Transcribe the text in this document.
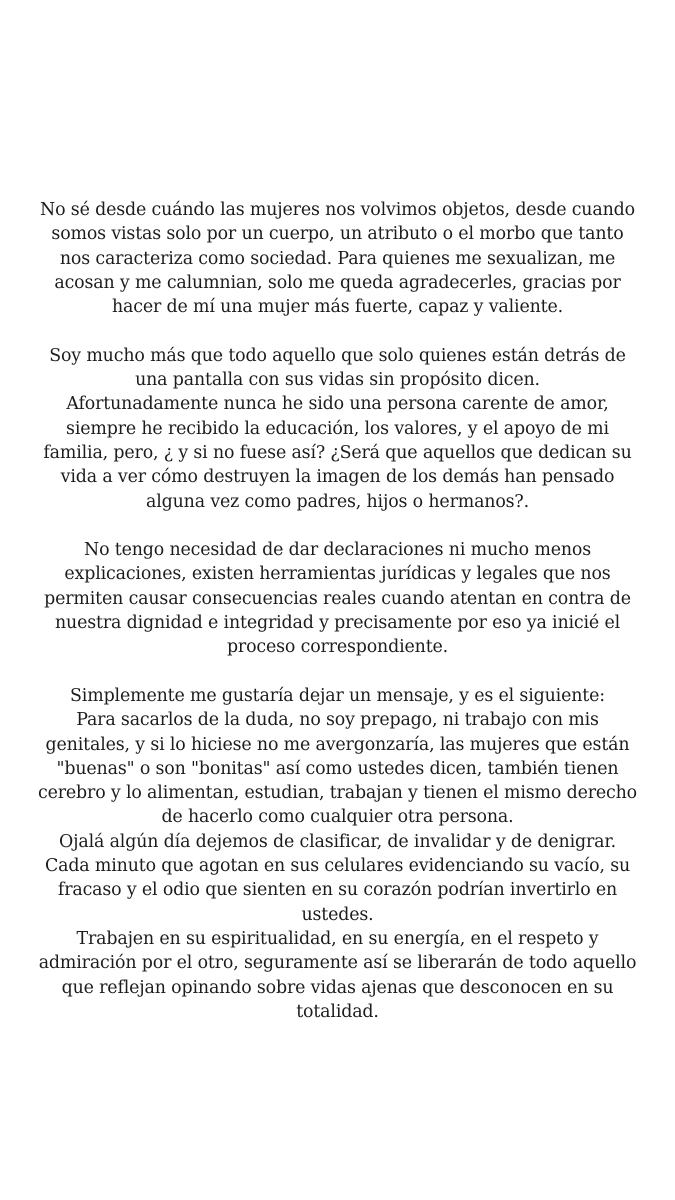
No sé desde cuándo las mujeres nos volvimos objetos, desde cuando
somos vistas solo por un cuerpo, un atributo o el morbo que tanto
nos caracteriza como sociedad. Para quienes me sexualizan, me
acosan y me calumnian, solo me queda agradecerles, gracias por
hacer de mí una mujer más fuerte, capaz y valiente.

Soy mucho más que todo aquello que solo quienes están detrás de
una pantalla con sus vidas sin propósito dicen.
Afortunadamente nunca he sido una persona carente de amor,
siempre he recibido la educación, los valores, y el apoyo de mi
familia, pero, ¿ y si no fuese así? ¿Será que aquellos que dedican su
vida a ver cómo destruyen la imagen de los demás han pensado
alguna vez como padres, hijos o hermanos?.

No tengo necesidad de dar declaraciones ni mucho menos
explicaciones, existen herramientas jurídicas y legales que nos
permiten causar consecuencias reales cuando atentan en contra de
nuestra dignidad e integridad y precisamente por eso ya inicié el
proceso correspondiente.

Simplemente me gustaría dejar un mensaje, y es el siguiente:
Para sacarlos de la duda, no soy prepago, ni trabajo con mis
genitales, y si lo hiciese no me avergonzaría, las mujeres que están
"buenas" o son "bonitas" así como ustedes dicen, también tienen
cerebro y lo alimentan, estudian, trabajan y tienen el mismo derecho
de hacerlo como cualquier otra persona.
Ojalá algún día dejemos de clasificar, de invalidar y de denigrar.
Cada minuto que agotan en sus celulares evidenciando su vacío, su
fracaso y el odio que sienten en su corazón podrían invertirlo en
ustedes.
Trabajen en su espiritualidad, en su energía, en el respeto y
admiración por el otro, seguramente así se liberarán de todo aquello
que reflejan opinando sobre vidas ajenas que desconocen en su
totalidad.
